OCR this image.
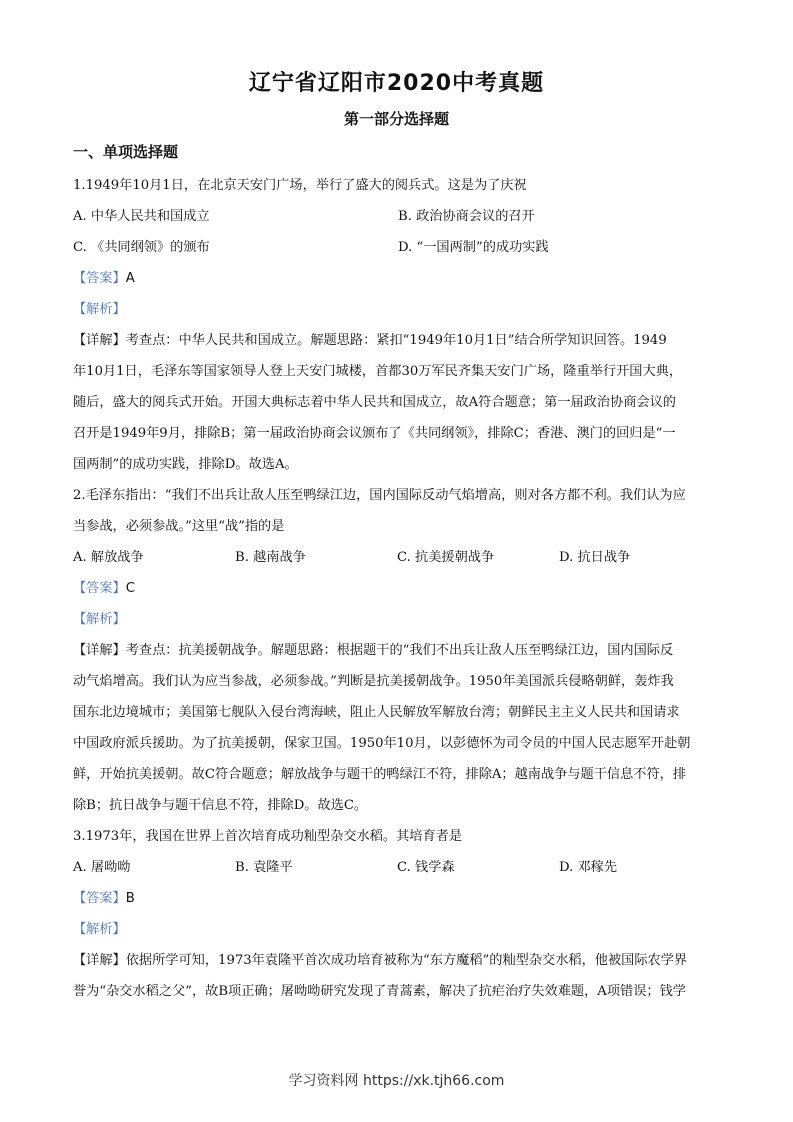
辽宁省辽阳市2020中考真题
第一部分选择题
一、单项选择题
1.1949年10月1日，在北京天安门广场，举行了盛大的阅兵式。这是为了庆祝
A. 中华人民共和国成立	B. 政治协商会议的召开
C. 《共同纲领》的颁布	D. “一国两制”的成功实践
【答案】A
【解析】
【详解】考查点：中华人民共和国成立。解题思路：紧扣“1949年10月1日”结合所学知识回答。1949
年10月1日，毛泽东等国家领导人登上天安门城楼，首都30万军民齐集天安门广场，隆重举行开国大典，
随后，盛大的阅兵式开始。开国大典标志着中华人民共和国成立，故A符合题意；第一届政治协商会议的
召开是1949年9月，排除B；第一届政治协商会议颁布了《共同纲领》，排除C；香港、澳门的回归是“一
国两制”的成功实践，排除D。故选A。
2.毛泽东指出：“我们不出兵让敌人压至鸭绿江边，国内国际反动气焰增高，则对各方都不利。我们认为应
当参战，必须参战。”这里“战”指的是
A. 解放战争	B. 越南战争	C. 抗美援朝战争	D. 抗日战争
【答案】C
【解析】
【详解】考查点：抗美援朝战争。解题思路：根据题干的“我们不出兵让敌人压至鸭绿江边，国内国际反
动气焰增高。我们认为应当参战，必须参战。”判断是抗美援朝战争。1950年美国派兵侵略朝鲜，轰炸我
国东北边境城市；美国第七舰队入侵台湾海峡，阻止人民解放军解放台湾；朝鲜民主主义人民共和国请求
中国政府派兵援助。为了抗美援朝，保家卫国。1950年10月，以彭德怀为司令员的中国人民志愿军开赴朝
鲜，开始抗美援朝。故C符合题意；解放战争与题干的鸭绿江不符，排除A；越南战争与题干信息不符，排
除B；抗日战争与题干信息不符，排除D。故选C。
3.1973年，我国在世界上首次培育成功籼型杂交水稻。其培育者是
A. 屠呦呦	B. 袁隆平	C. 钱学森	D. 邓稼先
【答案】B
【解析】
【详解】依据所学可知，1973年袁隆平首次成功培育被称为“东方魔稻”的籼型杂交水稻，他被国际农学界
誉为“杂交水稻之父”，故B项正确；屠呦呦研究发现了青蒿素，解决了抗疟治疗失效难题，A项错误；钱学
学习资料网 https://xk.tjh66.com
